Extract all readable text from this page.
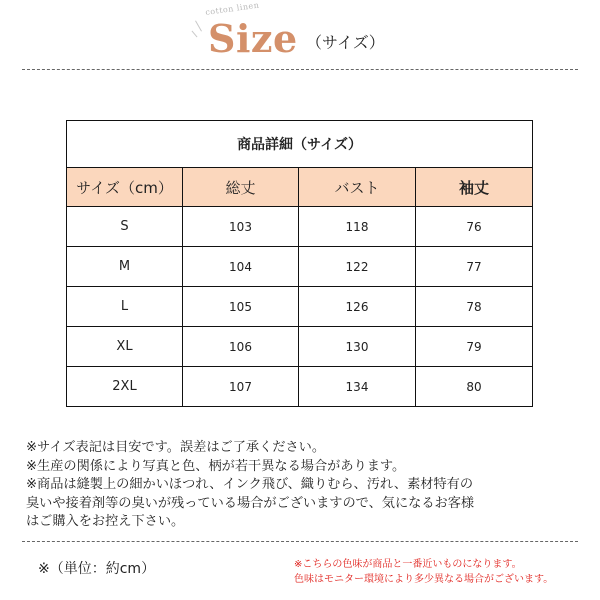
cotton linen
Size （サイズ）
商品詳細（サイズ）			
サイズ（cm）	総丈	バスト	袖丈
S	103	118	76
M	104	122	77
L	105	126	78
XL	106	130	79
2XL	107	134	80
※サイズ表記は目安です。誤差はご了承ください。
※生産の関係により写真と色、柄が若干異なる場合があります。
※商品は縫製上の細かいほつれ、インク飛び、織りむら、汚れ、素材特有の
臭いや接着剤等の臭いが残っている場合がございますので、気になるお客様
はご購入をお控え下さい。
※（単位：約cm）	※こちらの色味が商品と一番近いものになります。
色味はモニター環境により多少異なる場合がございます。
